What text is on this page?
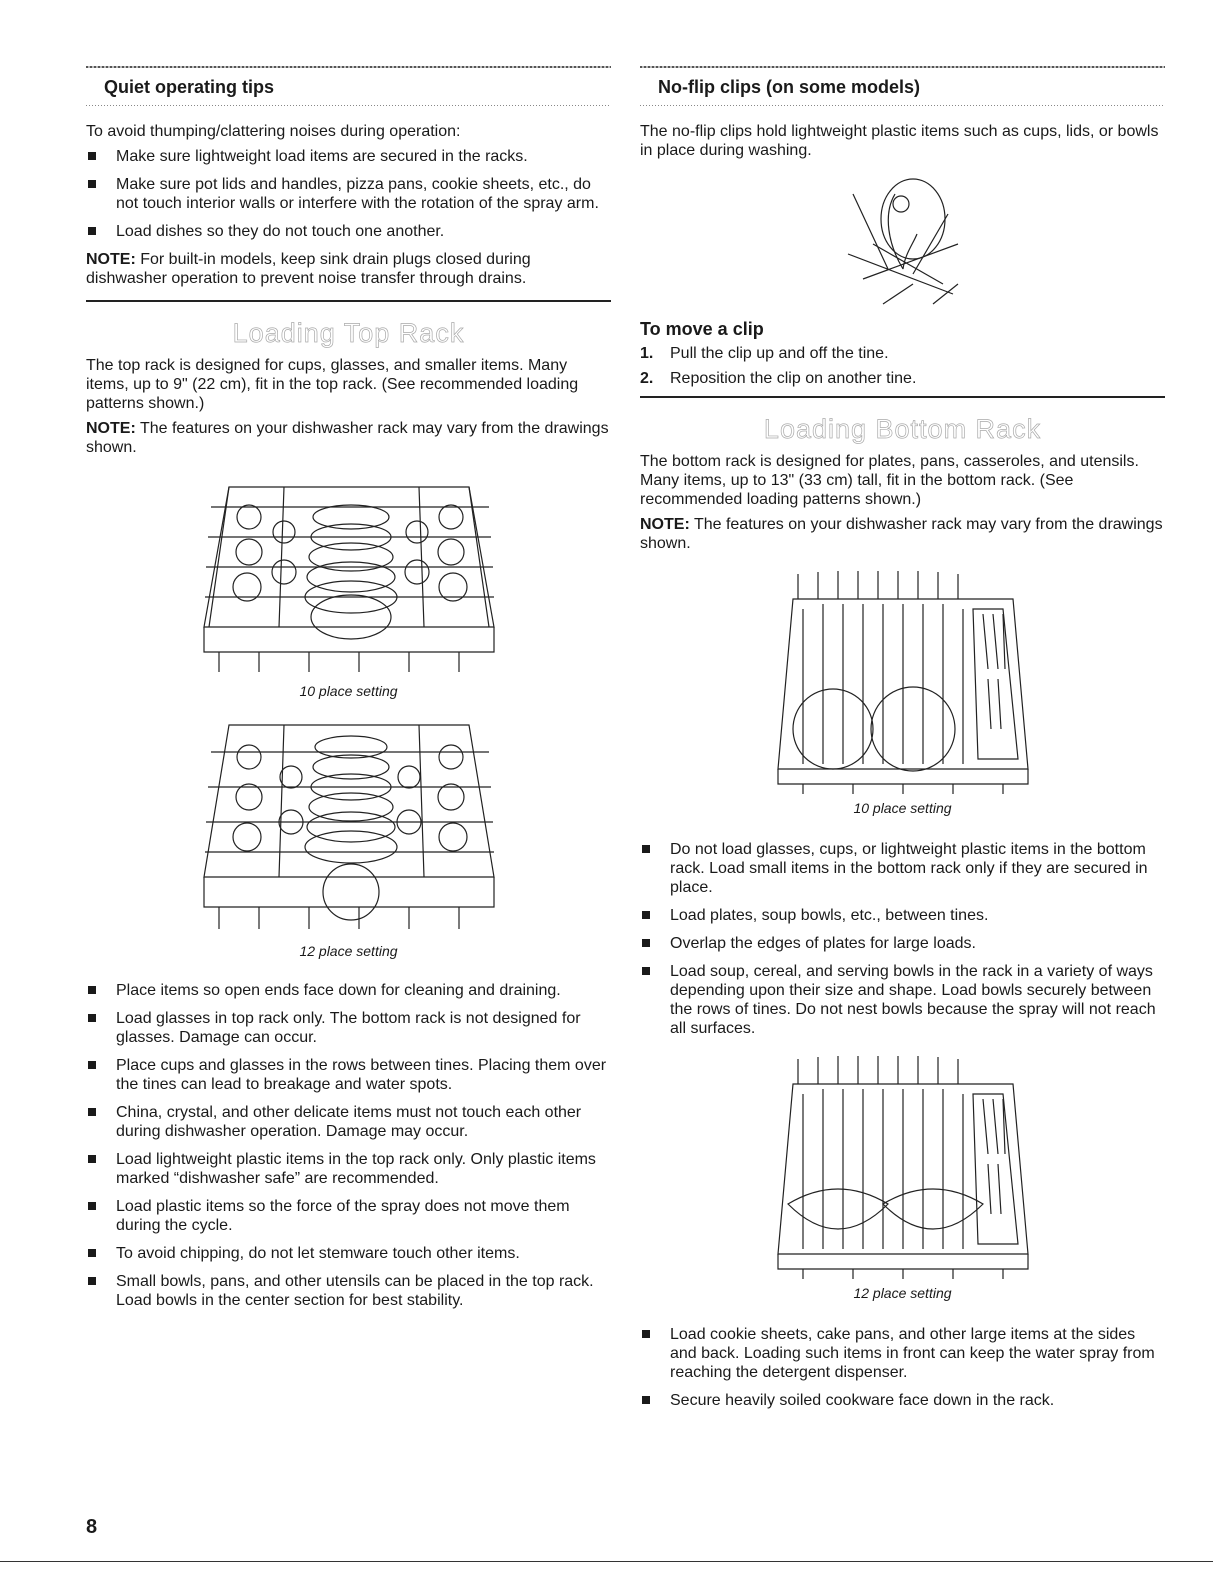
Quiet operating tips

To avoid thumping/clattering noises during operation:

Make sure lightweight load items are secured in the racks.
Make sure pot lids and handles, pizza pans, cookie sheets, etc., do not touch interior walls or interfere with the rotation of the spray arm.
Load dishes so they do not touch one another.

NOTE: For built-in models, keep sink drain plugs closed during dishwasher operation to prevent noise transfer through drains.

Loading Top Rack

The top rack is designed for cups, glasses, and smaller items. Many items, up to 9" (22 cm), fit in the top rack. (See recommended loading patterns shown.)

NOTE: The features on your dishwasher rack may vary from the drawings shown.

10 place setting
12 place setting
Place items so open ends face down for cleaning and draining.
Load glasses in top rack only. The bottom rack is not designed for glasses. Damage can occur.
Place cups and glasses in the rows between tines. Placing them over the tines can lead to breakage and water spots.
China, crystal, and other delicate items must not touch each other during dishwasher operation. Damage may occur.
Load lightweight plastic items in the top rack only. Only plastic items marked “dishwasher safe” are recommended.
Load plastic items so the force of the spray does not move them during the cycle.
To avoid chipping, do not let stemware touch other items.
Small bowls, pans, and other utensils can be placed in the top rack. Load bowls in the center section for best stability.
No-flip clips (on some models)

The no-flip clips hold lightweight plastic items such as cups, lids, or bowls in place during washing.

To move a clip
1. Pull the clip up and off the tine.
2. Reposition the clip on another tine.
Loading Bottom Rack

The bottom rack is designed for plates, pans, casseroles, and utensils. Many items, up to 13" (33 cm) tall, fit in the bottom rack. (See recommended loading patterns shown.)

NOTE: The features on your dishwasher rack may vary from the drawings shown.

10 place setting
Do not load glasses, cups, or lightweight plastic items in the bottom rack. Load small items in the bottom rack only if they are secured in place.
Load plates, soup bowls, etc., between tines.
Overlap the edges of plates for large loads.
Load soup, cereal, and serving bowls in the rack in a variety of ways depending upon their size and shape. Load bowls securely between the rows of tines. Do not nest bowls because the spray will not reach all surfaces.
12 place setting
Load cookie sheets, cake pans, and other large items at the sides and back. Loading such items in front can keep the water spray from reaching the detergent dispenser.
Secure heavily soiled cookware face down in the rack.
8
